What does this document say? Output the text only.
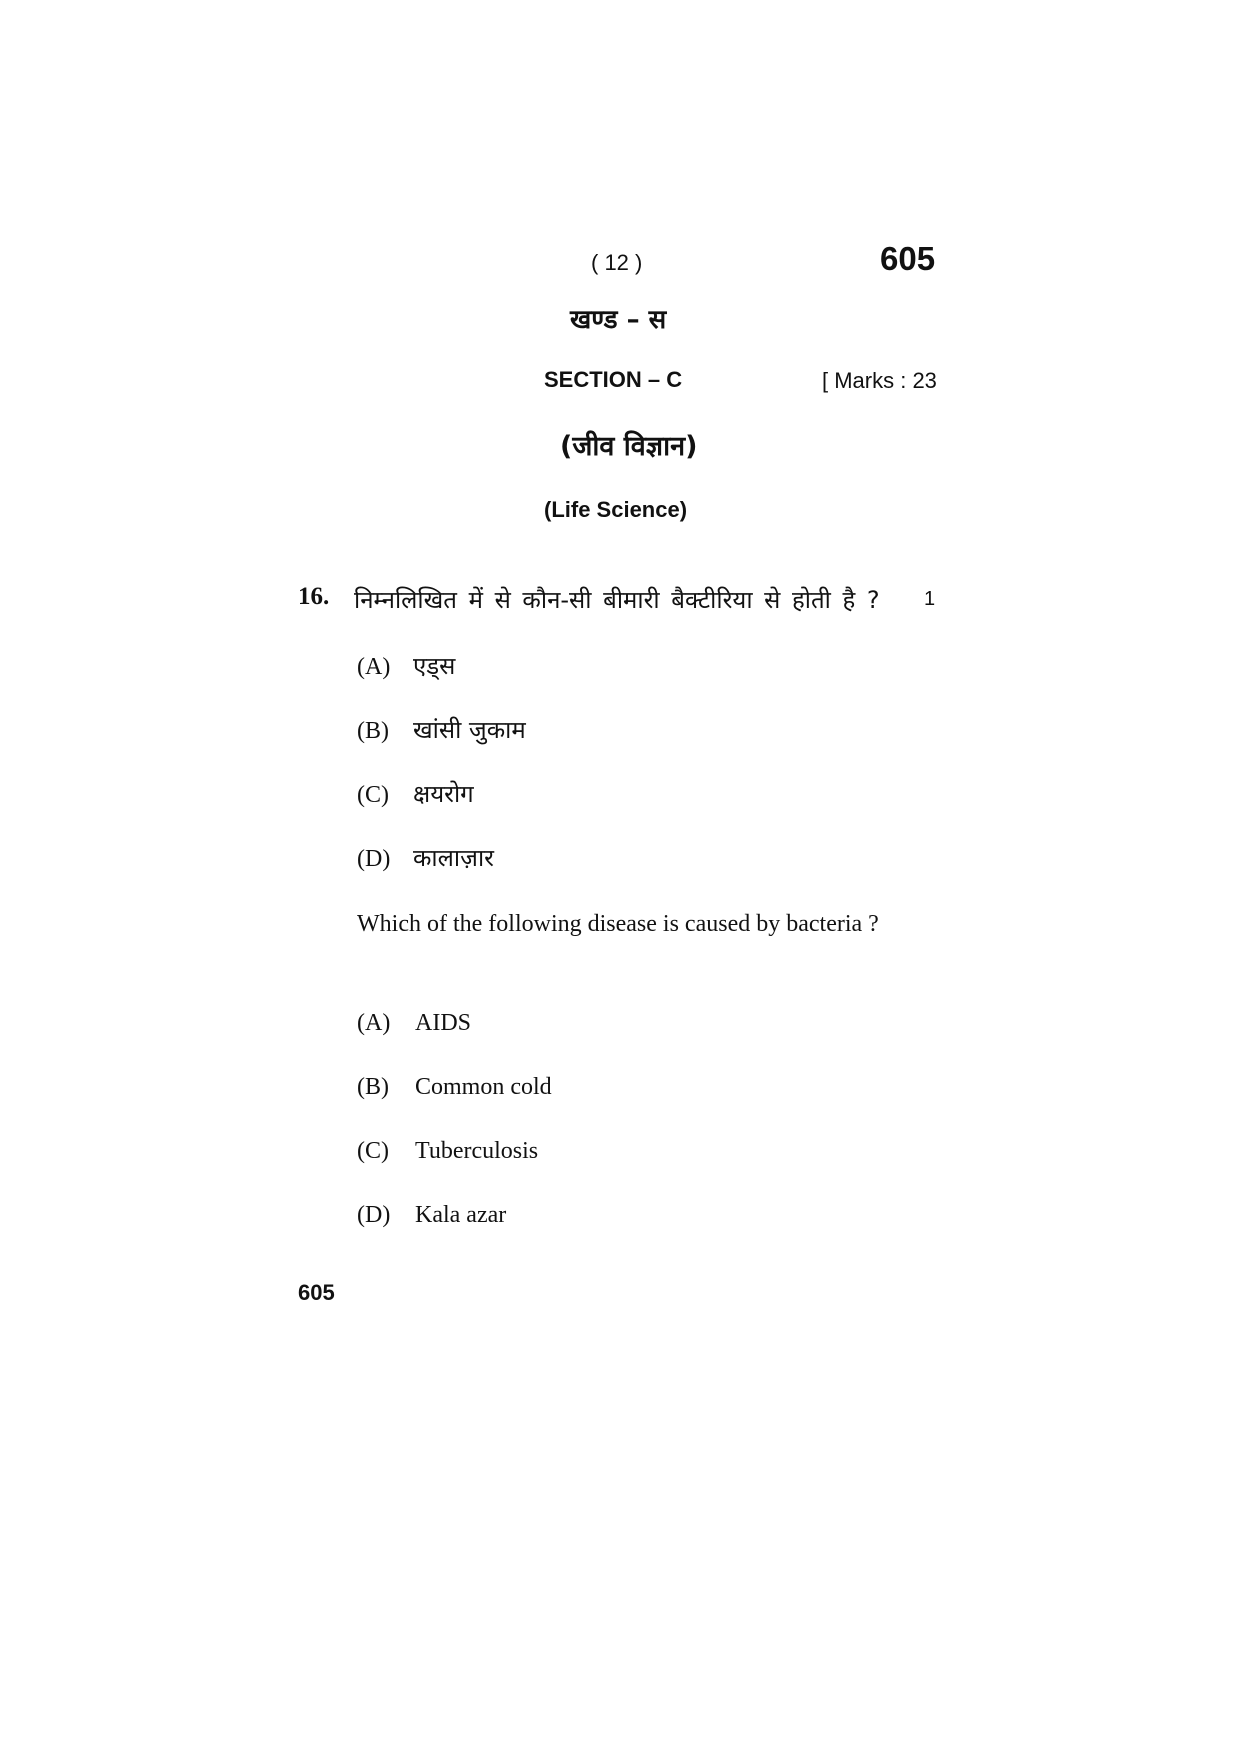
( 12 )	605
खण्ड – स
SECTION – C	[ Marks : 23
(जीव विज्ञान)
(Life Science)
16. निम्नलिखित में से कौन-सी बीमारी बैक्टीरिया से होती है ? 1
(A) एड्स
(B) खांसी जुकाम
(C) क्षयरोग
(D) कालाज़ार
Which of the following disease is caused by bacteria ?
(A) AIDS
(B) Common cold
(C) Tuberculosis
(D) Kala azar
605
